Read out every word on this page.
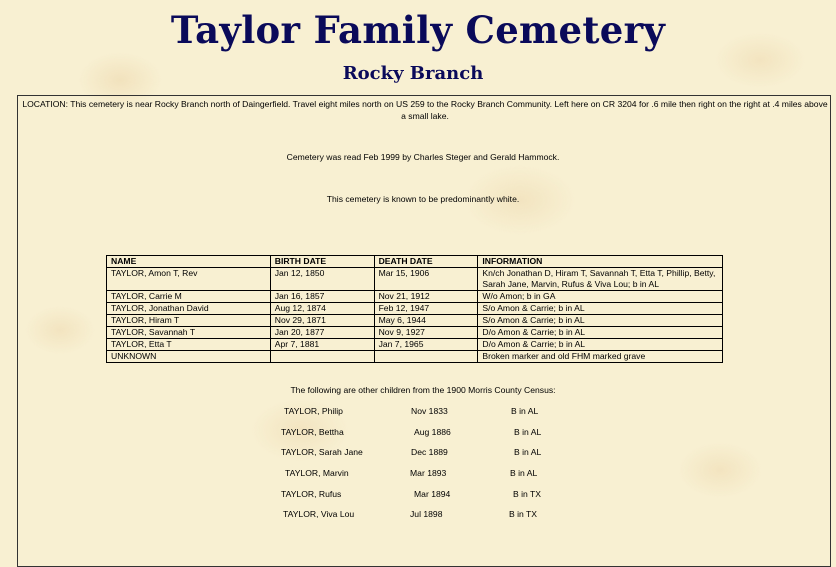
Taylor Family Cemetery
Rocky Branch
LOCATION: This cemetery is near Rocky Branch north of Daingerfield. Travel eight miles north on US 259 to the Rocky Branch Community. Left here on CR 3204 for .6 mile then right on the right at .4 miles above a small lake.
Cemetery was read Feb 1999 by Charles Steger and Gerald Hammock.
This cemetery is known to be predominantly white.
NAME	BIRTH DATE	DEATH DATE	INFORMATION
TAYLOR, Amon T, Rev	Jan 12, 1850	Mar 15, 1906	Kn/ch Jonathan D, Hiram T, Savannah T, Etta T, Phillip, Betty, Sarah Jane, Marvin, Rufus & Viva Lou; b in AL
TAYLOR, Carrie M	Jan 16, 1857	Nov 21, 1912	W/o Amon; b in GA
TAYLOR, Jonathan David	Aug 12, 1874	Feb 12, 1947	S/o Amon & Carrie; b in AL
TAYLOR, Hiram T	Nov 29, 1871	May 6, 1944	S/o Amon & Carrie; b in AL
TAYLOR, Savannah T	Jan 20, 1877	Nov 9, 1927	D/o Amon & Carrie; b in AL
TAYLOR, Etta T	Apr 7, 1881	Jan 7, 1965	D/o Amon & Carrie; b in AL
UNKNOWN			Broken marker and old FHM marked grave
The following are other children from the 1900 Morris County Census:
TAYLOR, Philip	Nov 1833	B in AL
TAYLOR, Bettha	Aug 1886	B in AL
TAYLOR, Sarah Jane	Dec 1889	B in AL
TAYLOR, Marvin	Mar 1893	B in AL
TAYLOR, Rufus	Mar 1894	B in TX
TAYLOR, Viva Lou	Jul 1898	B in TX
